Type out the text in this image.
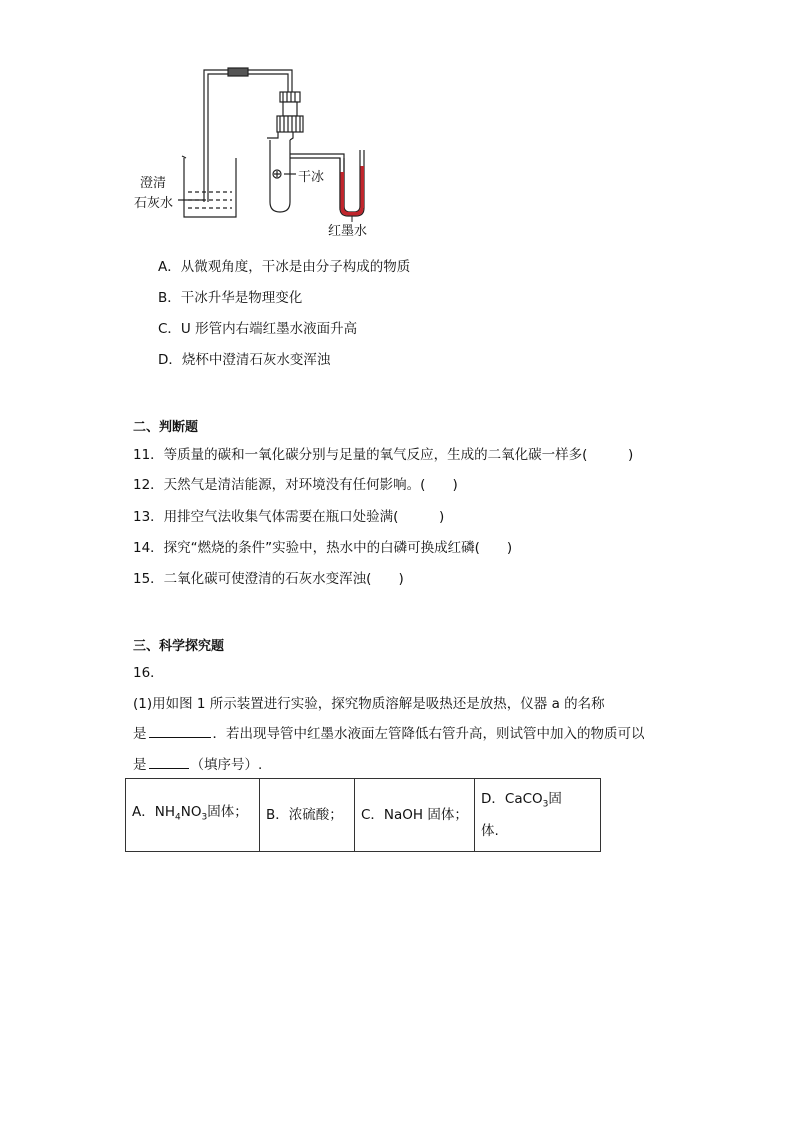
澄清
石灰水
干冰
红墨水
A．从微观角度，干冰是由分子构成的物质
B．干冰升华是物理变化
C．U 形管内右端红墨水液面升高
D．烧杯中澄清石灰水变浑浊
二、判断题
11．等质量的碳和一氧化碳分别与足量的氧气反应，生成的二氧化碳一样多(　　　)
12．天然气是清洁能源，对环境没有任何影响。(　　)
13．用排空气法收集气体需要在瓶口处验满(　　　)
14．探究“燃烧的条件”实验中，热水中的白磷可换成红磷(　　)
15．二氧化碳可使澄清的石灰水变浑浊(　　)
三、科学探究题
16．
(1)用如图 1 所示装置进行实验，探究物质溶解是吸热还是放热，仪器 a 的名称
是	．若出现导管中红墨水液面左管降低右管升高，则试管中加入的物质可以
是	（填序号）.
A．$NH_4NO_3$固体；	B．浓硫酸；	C．NaOH 固体；	D．CaCO$_3$固
体.
